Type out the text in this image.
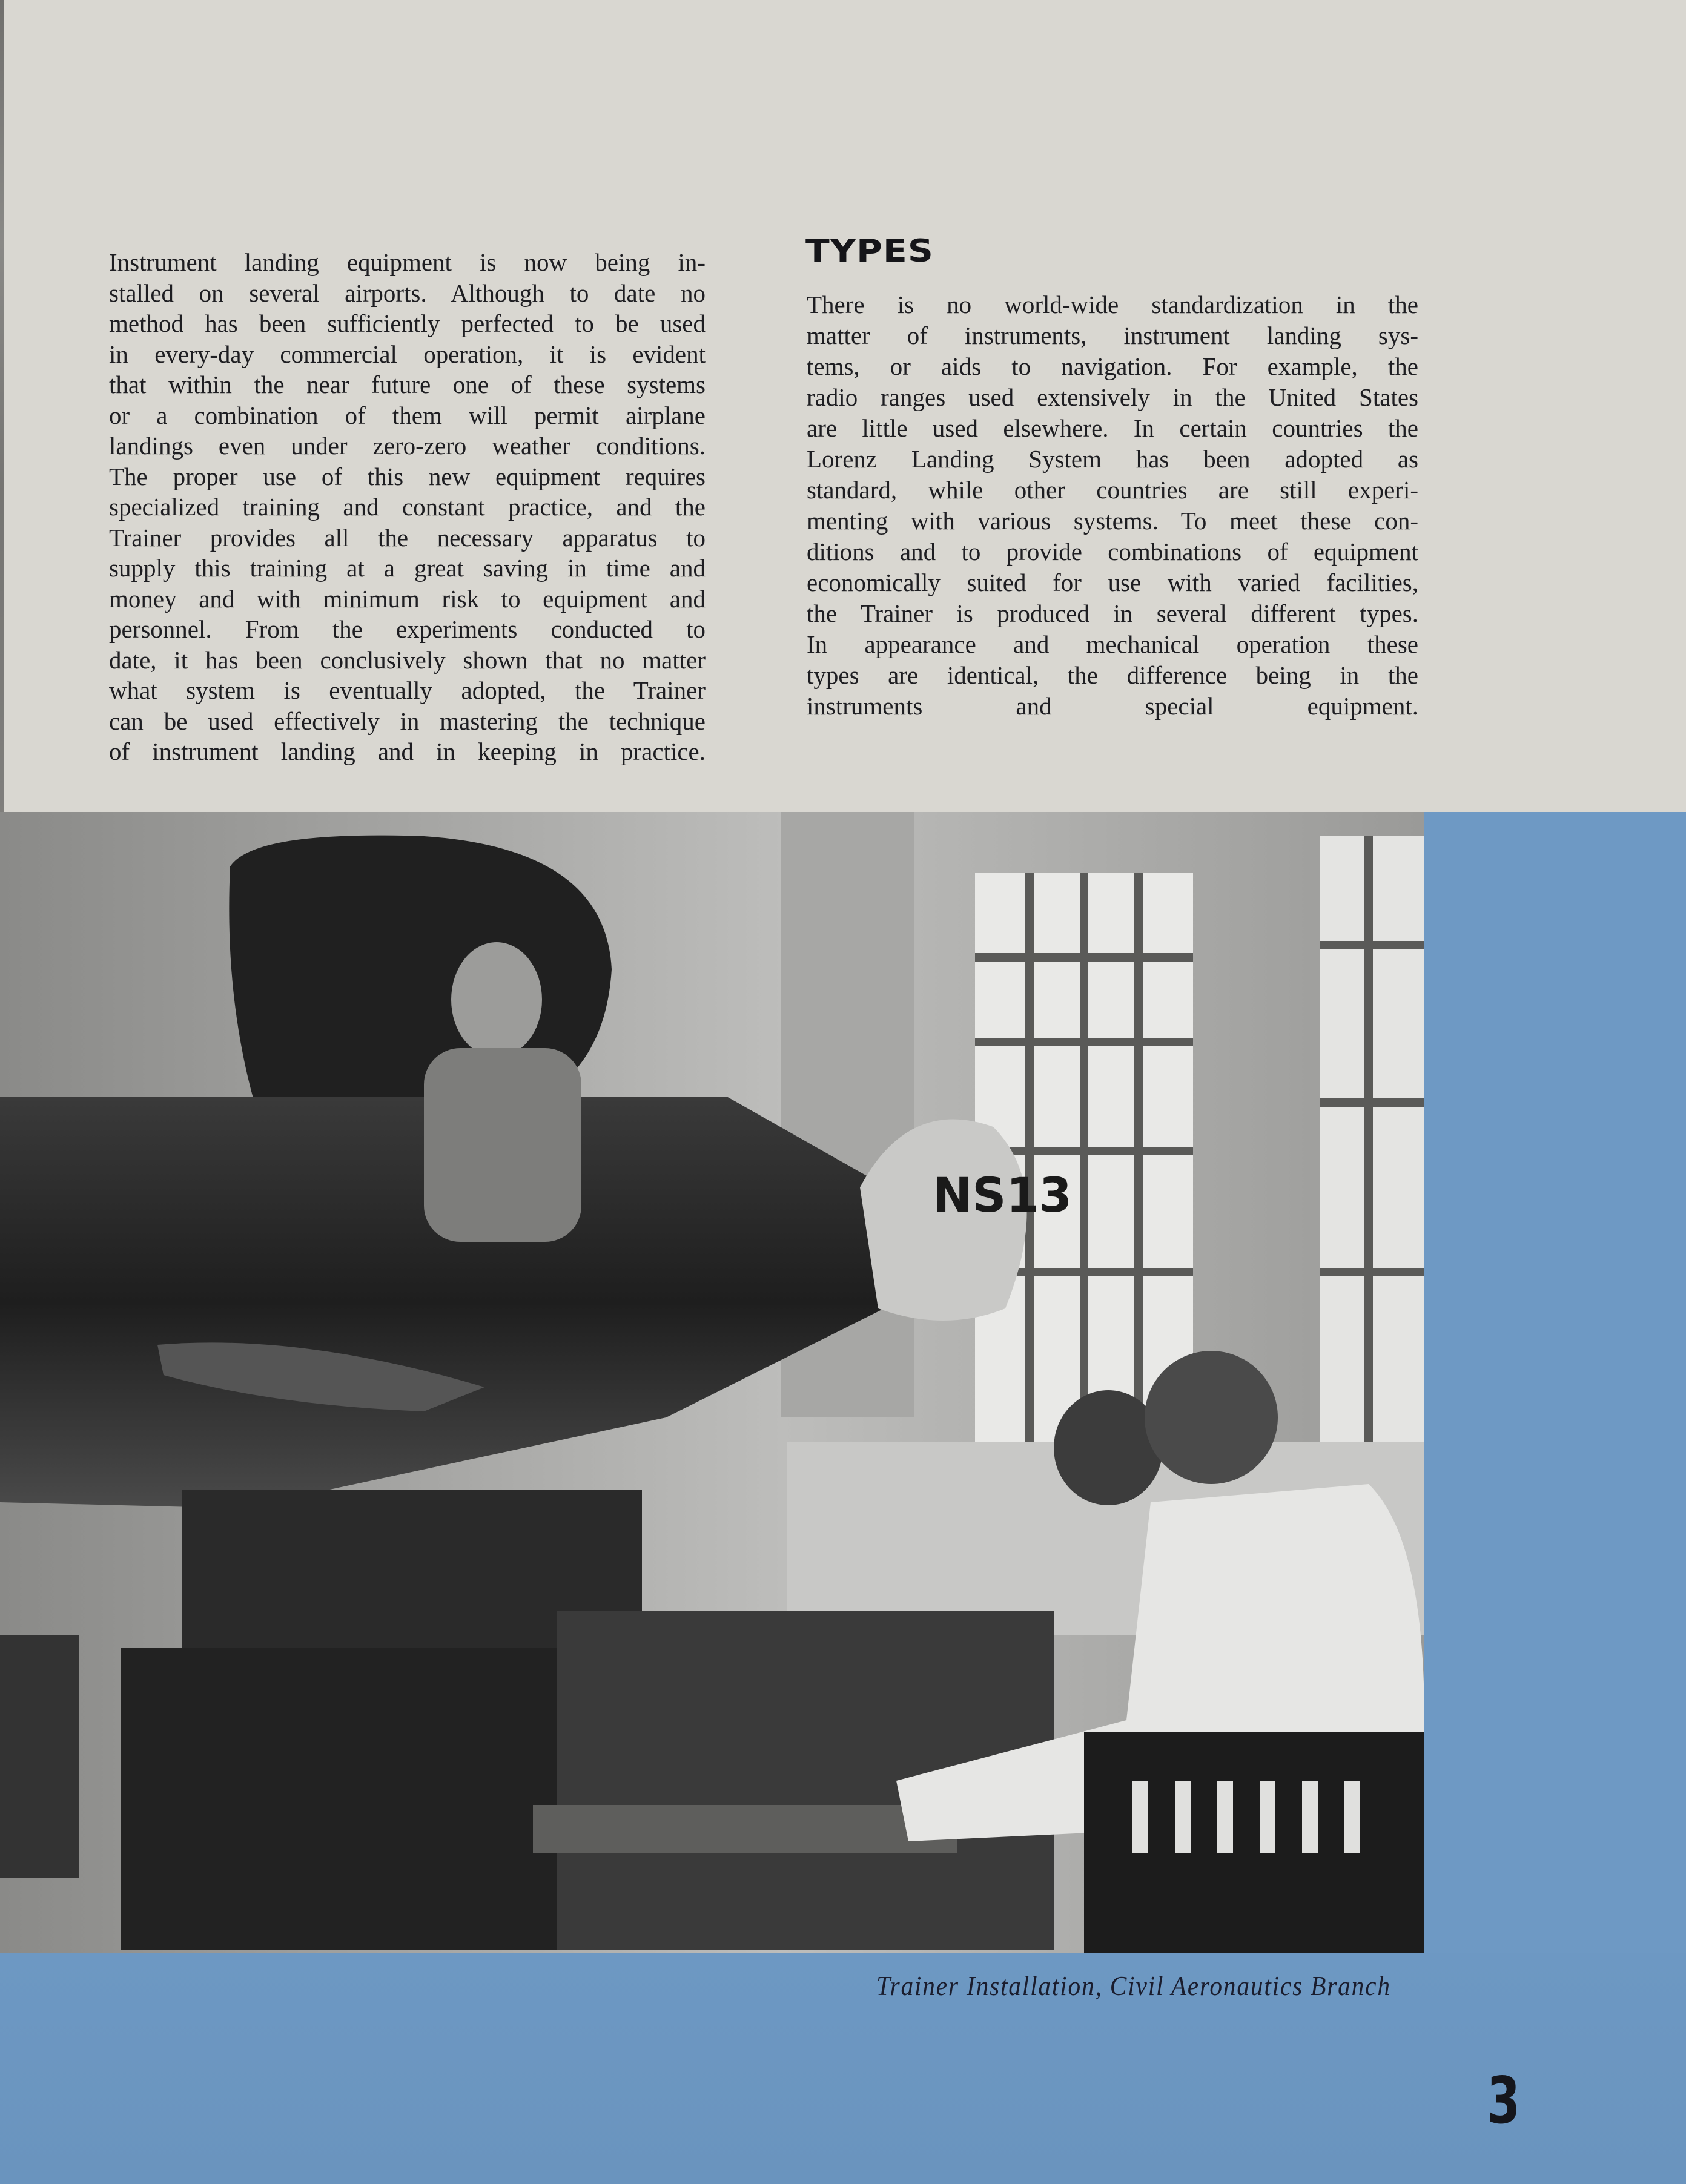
Instrument landing equipment is now being in-
stalled on several airports. Although to date no
method has been sufficiently perfected to be used
in every-day commercial operation, it is evident
that within the near future one of these systems
or a combination of them will permit airplane
landings even under zero-zero weather conditions.
The proper use of this new equipment requires
specialized training and constant practice, and the
Trainer provides all the necessary apparatus to
supply this training at a great saving in time and
money and with minimum risk to equipment and
personnel. From the experiments conducted to
date, it has been conclusively shown that no matter
what system is eventually adopted, the Trainer
can be used effectively in mastering the technique
of instrument landing and in keeping in practice.
TYPES
There is no world-wide standardization in the
matter of instruments, instrument landing sys-
tems, or aids to navigation. For example, the
radio ranges used extensively in the United States
are little used elsewhere. In certain countries the
Lorenz Landing System has been adopted as
standard, while other countries are still experi-
menting with various systems. To meet these con-
ditions and to provide combinations of equipment
economically suited for use with varied facilities,
the Trainer is produced in several different types.
In appearance and mechanical operation these
types are identical, the difference being in the
instruments and special equipment.
NS13
Trainer Installation, Civil Aeronautics Branch
3
